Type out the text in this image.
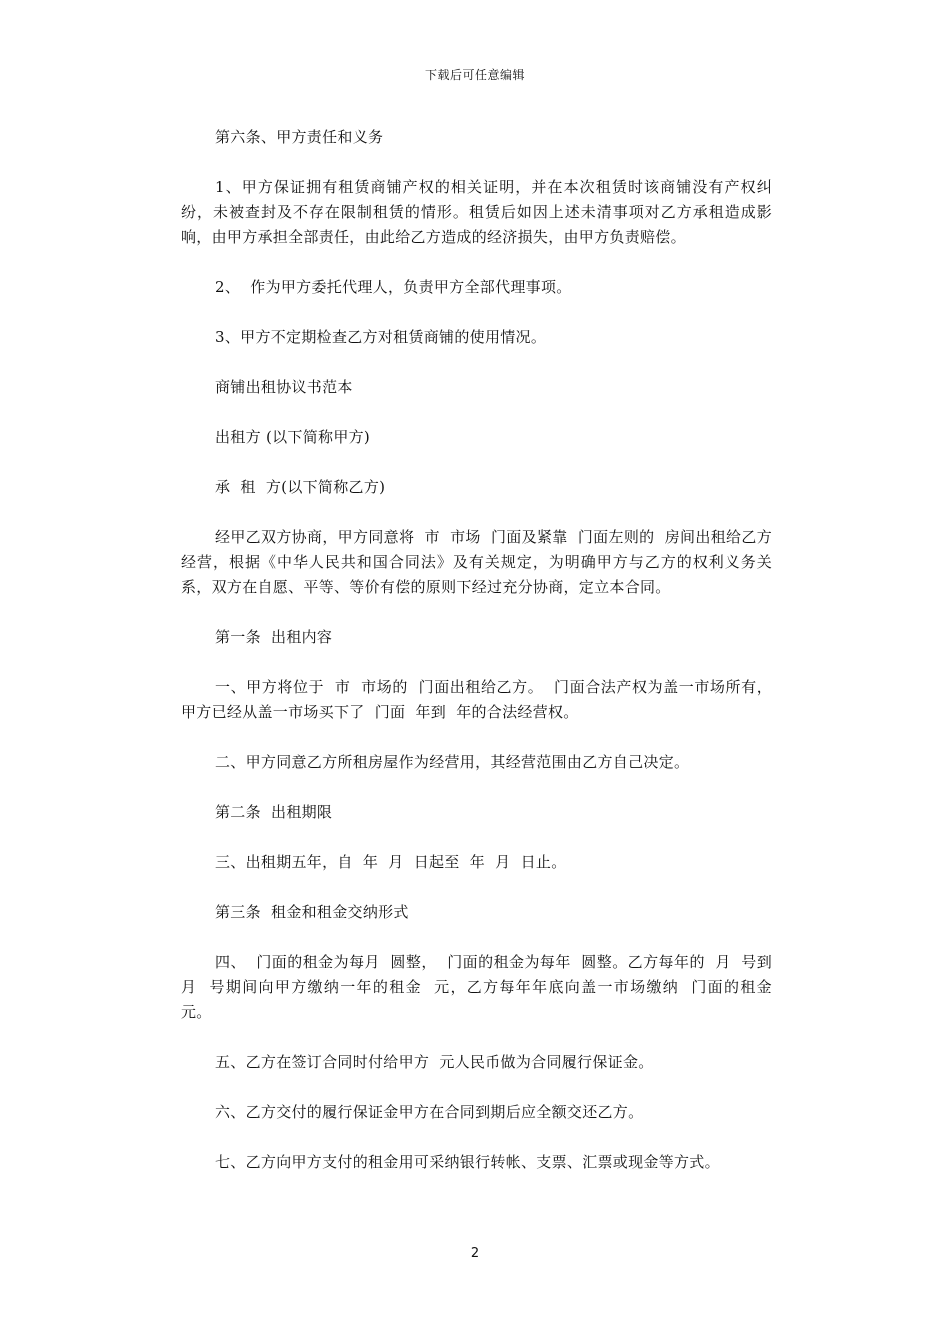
下载后可任意编辑

第六条、甲方责任和义务

1、甲方保证拥有租赁商铺产权的相关证明，并在本次租赁时该商铺没有产权纠纷，未被查封及不存在限制租赁的情形。租赁后如因上述未清事项对乙方承租造成影响，由甲方承担全部责任，由此给乙方造成的经济损失，由甲方负责赔偿。

2、  作为甲方委托代理人，负责甲方全部代理事项。

3、甲方不定期检查乙方对租赁商铺的使用情况。

商铺出租协议书范本

出租方 (以下简称甲方)

承  租  方(以下简称乙方)

经甲乙双方协商，甲方同意将  市  市场  门面及紧靠  门面左则的  房间出租给乙方经营，根据《中华人民共和国合同法》及有关规定，为明确甲方与乙方的权利义务关系，双方在自愿、平等、等价有偿的原则下经过充分协商，定立本合同。

第一条  出租内容

一、甲方将位于  市  市场的  门面出租给乙方。  门面合法产权为盖一市场所有，甲方已经从盖一市场买下了  门面  年到  年的合法经营权。

二、甲方同意乙方所租房屋作为经营用，其经营范围由乙方自己决定。

第二条  出租期限

三、出租期五年，自  年  月  日起至  年  月  日止。

第三条  租金和租金交纳形式

四、  门面的租金为每月  圆整，  门面的租金为每年  圆整。乙方每年的  月  号到  月  号期间向甲方缴纳一年的租金  元，乙方每年年底向盖一市场缴纳  门面的租金  元。

五、乙方在签订合同时付给甲方  元人民币做为合同履行保证金。

六、乙方交付的履行保证金甲方在合同到期后应全额交还乙方。

七、乙方向甲方支付的租金用可采纳银行转帐、支票、汇票或现金等方式。

2
